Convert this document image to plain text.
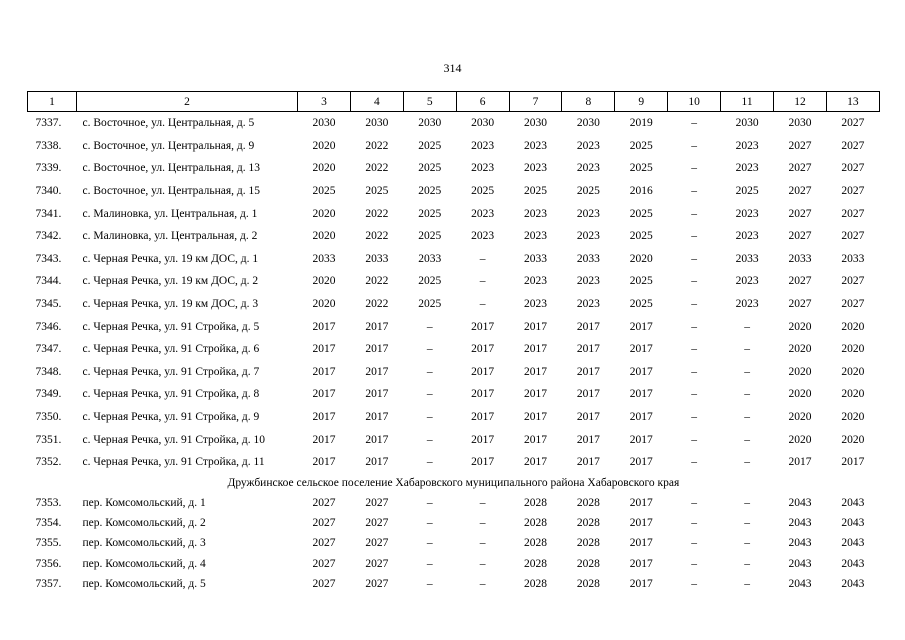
314
1	2	3	4	5	6	7	8	9	10	11	12	13
7337.	с. Восточное, ул. Центральная, д. 5	2030	2030	2030	2030	2030	2030	2019	–	2030	2030	2027
7338.	с. Восточное, ул. Центральная, д. 9	2020	2022	2025	2023	2023	2023	2025	–	2023	2027	2027
7339.	с. Восточное, ул. Центральная, д. 13	2020	2022	2025	2023	2023	2023	2025	–	2023	2027	2027
7340.	с. Восточное, ул. Центральная, д. 15	2025	2025	2025	2025	2025	2025	2016	–	2025	2027	2027
7341.	с. Малиновка, ул. Центральная, д. 1	2020	2022	2025	2023	2023	2023	2025	–	2023	2027	2027
7342.	с. Малиновка, ул. Центральная, д. 2	2020	2022	2025	2023	2023	2023	2025	–	2023	2027	2027
7343.	с. Черная Речка, ул. 19 км ДОС, д. 1	2033	2033	2033	–	2033	2033	2020	–	2033	2033	2033
7344.	с. Черная Речка, ул. 19 км ДОС, д. 2	2020	2022	2025	–	2023	2023	2025	–	2023	2027	2027
7345.	с. Черная Речка, ул. 19 км ДОС, д. 3	2020	2022	2025	–	2023	2023	2025	–	2023	2027	2027
7346.	с. Черная Речка, ул. 91 Стройка, д. 5	2017	2017	–	2017	2017	2017	2017	–	–	2020	2020
7347.	с. Черная Речка, ул. 91 Стройка, д. 6	2017	2017	–	2017	2017	2017	2017	–	–	2020	2020
7348.	с. Черная Речка, ул. 91 Стройка, д. 7	2017	2017	–	2017	2017	2017	2017	–	–	2020	2020
7349.	с. Черная Речка, ул. 91 Стройка, д. 8	2017	2017	–	2017	2017	2017	2017	–	–	2020	2020
7350.	с. Черная Речка, ул. 91 Стройка, д. 9	2017	2017	–	2017	2017	2017	2017	–	–	2020	2020
7351.	с. Черная Речка, ул. 91 Стройка, д. 10	2017	2017	–	2017	2017	2017	2017	–	–	2020	2020
7352.	с. Черная Речка, ул. 91 Стройка, д. 11	2017	2017	–	2017	2017	2017	2017	–	–	2017	2017
Дружбинское сельское поселение Хабаровского муниципального района Хабаровского края												
7353.	пер. Комсомольский, д. 1	2027	2027	–	–	2028	2028	2017	–	–	2043	2043
7354.	пер. Комсомольский, д. 2	2027	2027	–	–	2028	2028	2017	–	–	2043	2043
7355.	пер. Комсомольский, д. 3	2027	2027	–	–	2028	2028	2017	–	–	2043	2043
7356.	пер. Комсомольский, д. 4	2027	2027	–	–	2028	2028	2017	–	–	2043	2043
7357.	пер. Комсомольский, д. 5	2027	2027	–	–	2028	2028	2017	–	–	2043	2043
